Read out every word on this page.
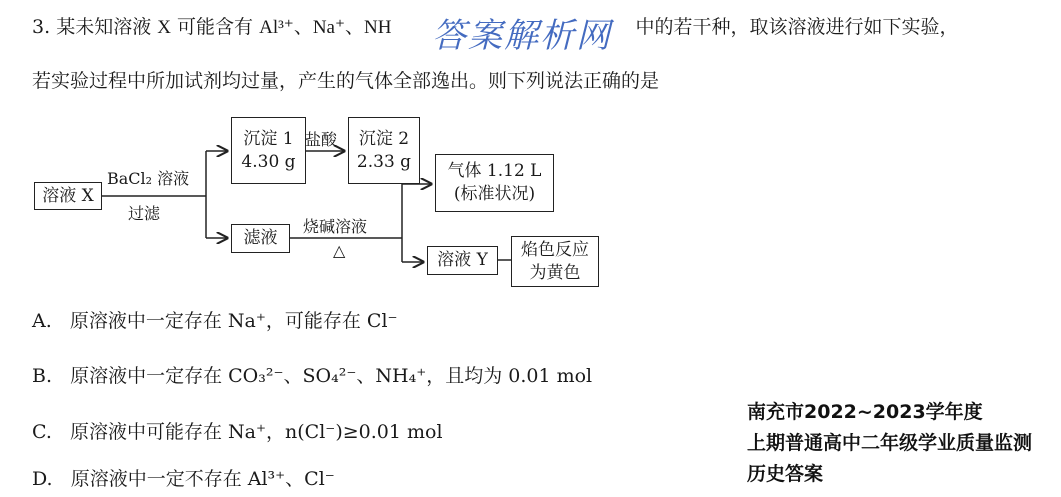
3. 某未知溶液 X 可能含有 Al³⁺、Na⁺、NH	中的若干种，取该溶液进行如下实验，
答案解析网
若实验过程中所加试剂均过量，产生的气体全部逸出。则下列说法正确的是
溶液 X
BaCl₂ 溶液
过滤
沉淀 1
4.30 g
盐酸 沉淀 2
2.33 g
滤液
烧碱溶液
△
气体 1.12 L
(标准状况)
溶液 Y
焰色反应
为黄色
A. 原溶液中一定存在 Na⁺，可能存在 Cl⁻
B. 原溶液中一定存在 CO₃²⁻、SO₄²⁻、NH₄⁺，且均为 0.01 mol
C. 原溶液中可能存在 Na⁺，n(Cl⁻)≥0.01 mol
D. 原溶液中一定不存在 Al³⁺、Cl⁻
南充市2022~2023学年度
上期普通高中二年级学业质量监测
历史答案
